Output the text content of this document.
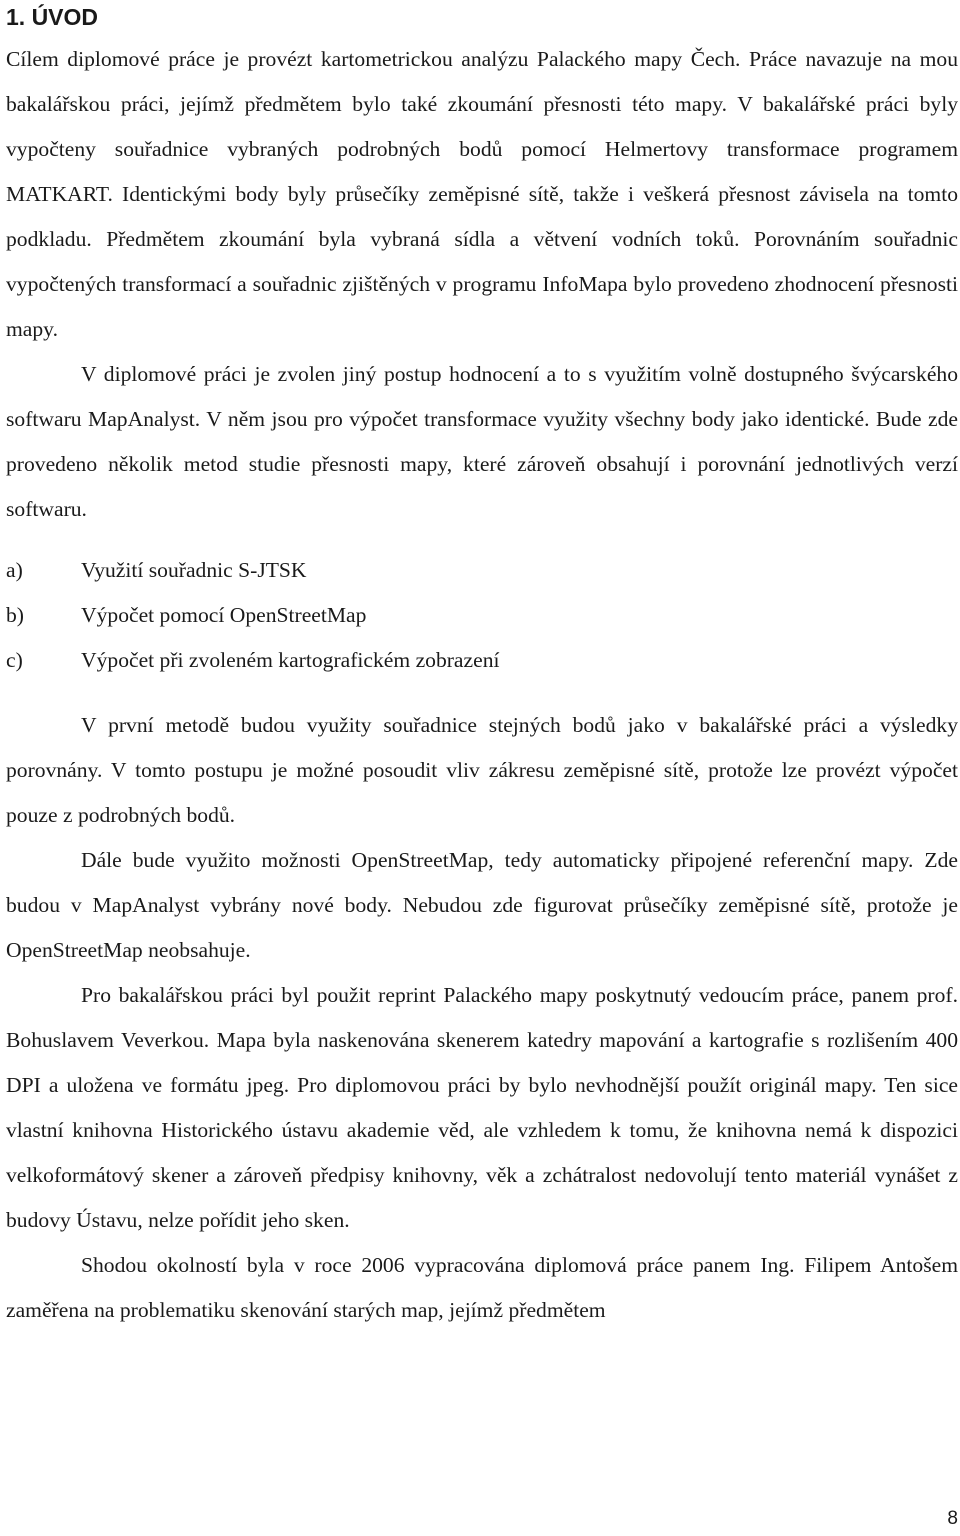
1. ÚVOD

Cílem diplomové práce je provézt kartometrickou analýzu Palackého mapy Čech. Práce navazuje na mou bakalářskou práci, jejímž předmětem bylo také zkoumání přesnosti této mapy. V bakalářské práci byly vypočteny souřadnice vybraných podrobných bodů pomocí Helmertovy transformace programem MATKART. Identickými body byly průsečíky zeměpisné sítě, takže i veškerá přesnost závisela na tomto podkladu. Předmětem zkoumání byla vybraná sídla a větvení vodních toků. Porovnáním souřadnic vypočtených transformací a souřadnic zjištěných v programu InfoMapa bylo provedeno zhodnocení přesnosti mapy.

V diplomové práci je zvolen jiný postup hodnocení a to s využitím volně dostupného švýcarského softwaru MapAnalyst. V něm jsou pro výpočet transformace využity všechny body jako identické. Bude zde provedeno několik metod studie přesnosti mapy, které zároveň obsahují i porovnání jednotlivých verzí softwaru.

a)	Využití souřadnic S-JTSK
b)	Výpočet pomocí OpenStreetMap
c)	Výpočet při zvoleném kartografickém zobrazení

V první metodě budou využity souřadnice stejných bodů jako v bakalářské práci a výsledky porovnány. V tomto postupu je možné posoudit vliv zákresu zeměpisné sítě, protože lze provézt výpočet pouze z podrobných bodů.

Dále bude využito možnosti OpenStreetMap, tedy automaticky připojené referenční mapy. Zde budou v MapAnalyst vybrány nové body. Nebudou zde figurovat průsečíky zeměpisné sítě, protože je OpenStreetMap neobsahuje.

Pro bakalářskou práci byl použit reprint Palackého mapy poskytnutý vedoucím práce, panem prof. Bohuslavem Veverkou. Mapa byla naskenována skenerem katedry mapování a kartografie s rozlišením 400 DPI a uložena ve formátu jpeg. Pro diplomovou práci by bylo nevhodnější použít originál mapy. Ten sice vlastní knihovna Historického ústavu akademie věd, ale vzhledem k tomu, že knihovna nemá k dispozici velkoformátový skener a zároveň předpisy knihovny, věk a zchátralost nedovolují tento materiál vynášet z budovy Ústavu, nelze pořídit jeho sken.

Shodou okolností byla v roce 2006 vypracována diplomová práce panem Ing. Filipem Antošem zaměřena na problematiku skenování starých map, jejímž předmětem

8
